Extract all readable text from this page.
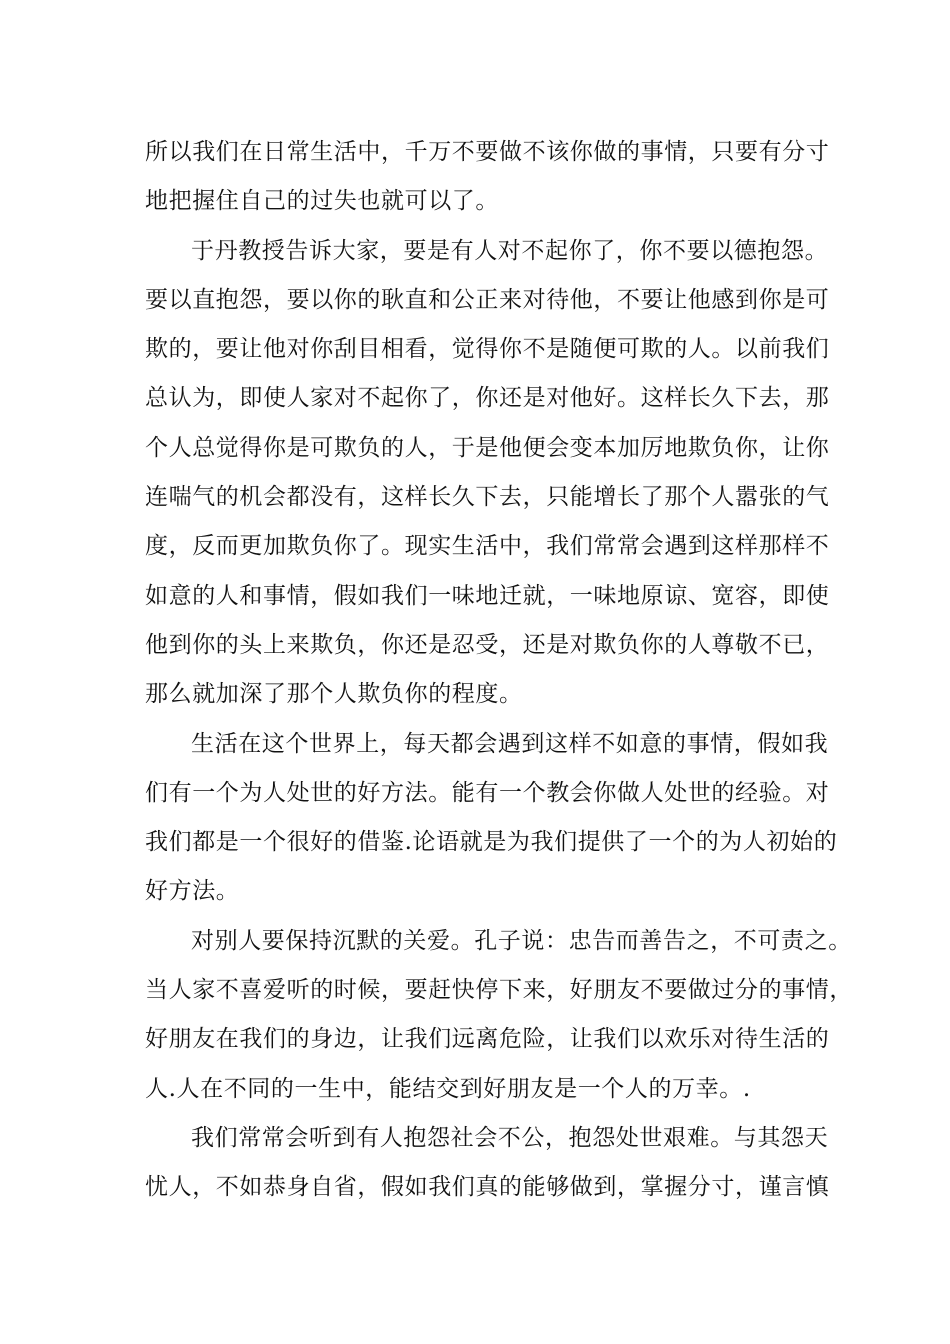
所以我们在日常生活中，千万不要做不该你做的事情，只要有分寸
地把握住自己的过失也就可以了。
于丹教授告诉大家，要是有人对不起你了，你不要以德抱怨。
要以直抱怨，要以你的耿直和公正来对待他，不要让他感到你是可
欺的，要让他对你刮目相看，觉得你不是随便可欺的人。以前我们
总认为，即使人家对不起你了，你还是对他好。这样长久下去，那
个人总觉得你是可欺负的人，于是他便会变本加厉地欺负你，让你
连喘气的机会都没有，这样长久下去，只能增长了那个人嚣张的气
度，反而更加欺负你了。现实生活中，我们常常会遇到这样那样不
如意的人和事情，假如我们一味地迁就，一味地原谅、宽容，即使
他到你的头上来欺负，你还是忍受，还是对欺负你的人尊敬不已，
那么就加深了那个人欺负你的程度。
生活在这个世界上，每天都会遇到这样不如意的事情，假如我
们有一个为人处世的好方法。能有一个教会你做人处世的经验。对
我们都是一个很好的借鉴.论语就是为我们提供了一个的为人初始的
好方法。
对别人要保持沉默的关爱。孔子说：忠告而善告之，不可责之。
当人家不喜爱听的时候，要赶快停下来，好朋友不要做过分的事情，
好朋友在我们的身边，让我们远离危险，让我们以欢乐对待生活的
人.人在不同的一生中，能结交到好朋友是一个人的万幸。.
我们常常会听到有人抱怨社会不公，抱怨处世艰难。与其怨天
忧人，不如恭身自省，假如我们真的能够做到，掌握分寸，谨言慎
